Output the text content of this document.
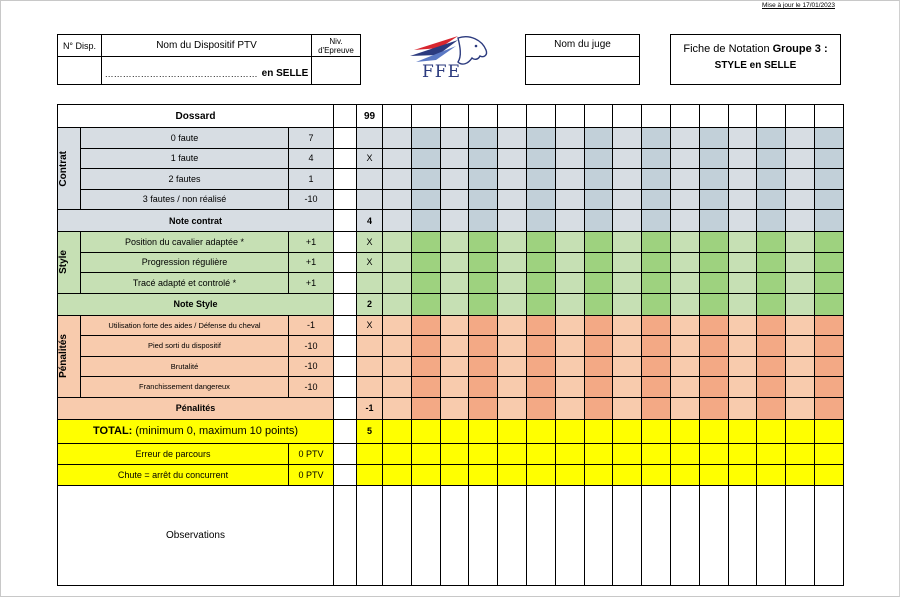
Mise à jour le 17/01/2023
N° Disp.	Nom du Dispositif PTV
…………………………………………… en SELLE
Niv. d'Epreuve
FFE
Nom du juge	Fiche de Notation Groupe 3 :
STYLE en SELLE
Dossard				99																

Contrat	0 faute	7																		
	1 faute	4		X																
	2 fautes	1																		
	3 fautes / non réalisé	-10																		
Note contrat				4																

Style	Position du cavalier adaptée *	+1		X																
	Progression régulière	+1		X																
	Tracé adapté et controlé *	+1																		
Note Style				2																

Pénalités	Utilisation forte des aides / Défense du cheval	-1		X																
	Pied sorti du dispositif	-10																		
	Brutalité	-10																		
	Franchissement dangereux	-10																		
Pénalités				-1																
TOTAL: (minimum 0, maximum 10 points)				5																
Erreur de parcours		0 PTV																		
Chute = arrêt du concurrent		0 PTV																		
Observations																				
